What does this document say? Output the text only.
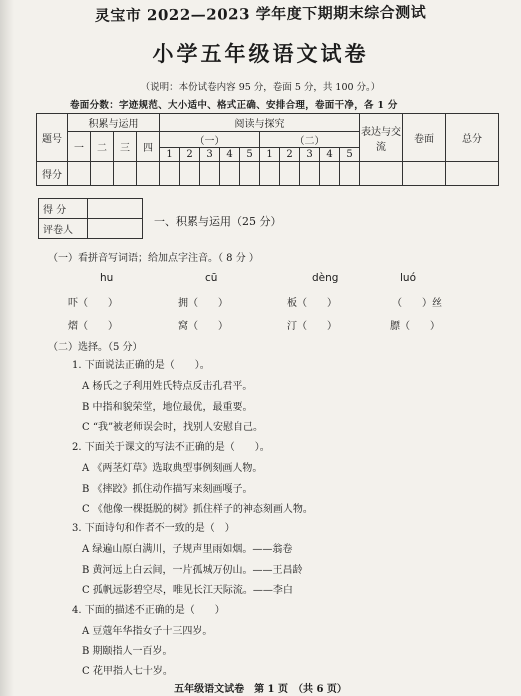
灵宝市 2022—2023 学年度下期期末综合测试
小学五年级语文试卷
（说明：本份试卷内容 95 分，卷面 5 分，共 100 分。）
卷面分数：字迹规范、大小适中、格式正确、安排合理，卷面干净，各 1 分
题号	积累与运用				阅读与探究										表达与交流	卷面	总分
	一	二	三	四	（一）					（二）							
					1	2	3	4	5	1	2	3	4	5			
得分																	
得 分	
评卷人	
一、积累与运用（25 分）
（一）看拼音写词语；给加点字注音。（ 8 分 ）
hu	cū	dèng	luó
吓（　　）	拥（　　）	板（　　）	（　　）丝
熠（　　）	窝（　　）	汀（　　）	膘（　　）
（二）选择。（5 分）
1. 下面说法正确的是（　　）。
A 杨氏之子利用姓氏特点反击孔君平。
B 中指和貌荣堂，地位最优，最重要。
C “我”被老师误会时，找别人安慰自己。
2. 下面关于课文的写法不正确的是（　　）。
A 《两茎灯草》选取典型事例刻画人物。
B 《摔跤》抓住动作描写来刻画嘎子。
C 《他像一棵挺脱的树》抓住样子的神态刻画人物。
3. 下面诗句和作者不一致的是（　）
A 绿遍山原白满川，子规声里雨如烟。——翁卷
B 黄河远上白云间，一片孤城万仞山。——王昌龄
C 孤帆远影碧空尽，唯见长江天际流。——李白
4. 下面的描述不正确的是（　　）
A 豆蔻年华指女子十三四岁。
B 期颐指人一百岁。
C 花甲指人七十岁。
五年级语文试卷　第 1 页　（共 6 页）
